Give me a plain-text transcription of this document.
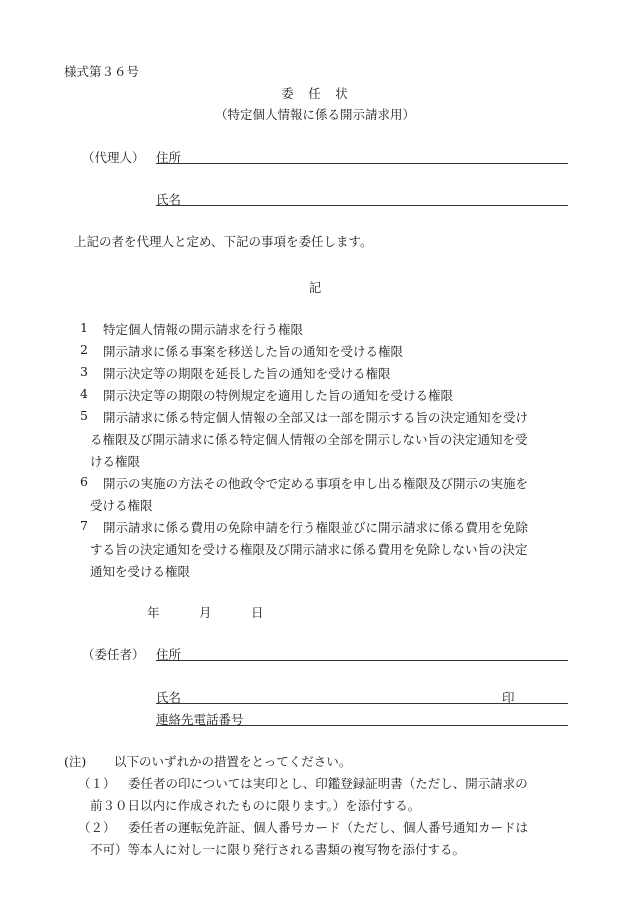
様式第３６号
委　任　状
（特定個人情報に係る開示請求用）
（代理人） 住所
氏名
上記の者を代理人と定め、下記の事項を委任します。
記
1 特定個人情報の開示請求を行う権限
2 開示請求に係る事案を移送した旨の通知を受ける権限
3 開示決定等の期限を延長した旨の通知を受ける権限
4 開示決定等の期限の特例規定を適用した旨の通知を受ける権限
5 開示請求に係る特定個人情報の全部又は一部を開示する旨の決定通知を受け
る権限及び開示請求に係る特定個人情報の全部を開示しない旨の決定通知を受
ける権限
6 開示の実施の方法その他政令で定める事項を申し出る権限及び開示の実施を
受ける権限
7 開示請求に係る費用の免除申請を行う権限並びに開示請求に係る費用を免除
する旨の決定通知を受ける権限及び開示請求に係る費用を免除しない旨の決定
通知を受ける権限
年	月	日
（委任者） 住所
氏名	印
連絡先電話番号
(注) 以下のいずれかの措置をとってください。
（１） 委任者の印については実印とし、印鑑登録証明書（ただし、開示請求の
前３０日以内に作成されたものに限ります。）を添付する。
（２） 委任者の運転免許証、個人番号カード（ただし、個人番号通知カードは
不可）等本人に対し一に限り発行される書類の複写物を添付する。
